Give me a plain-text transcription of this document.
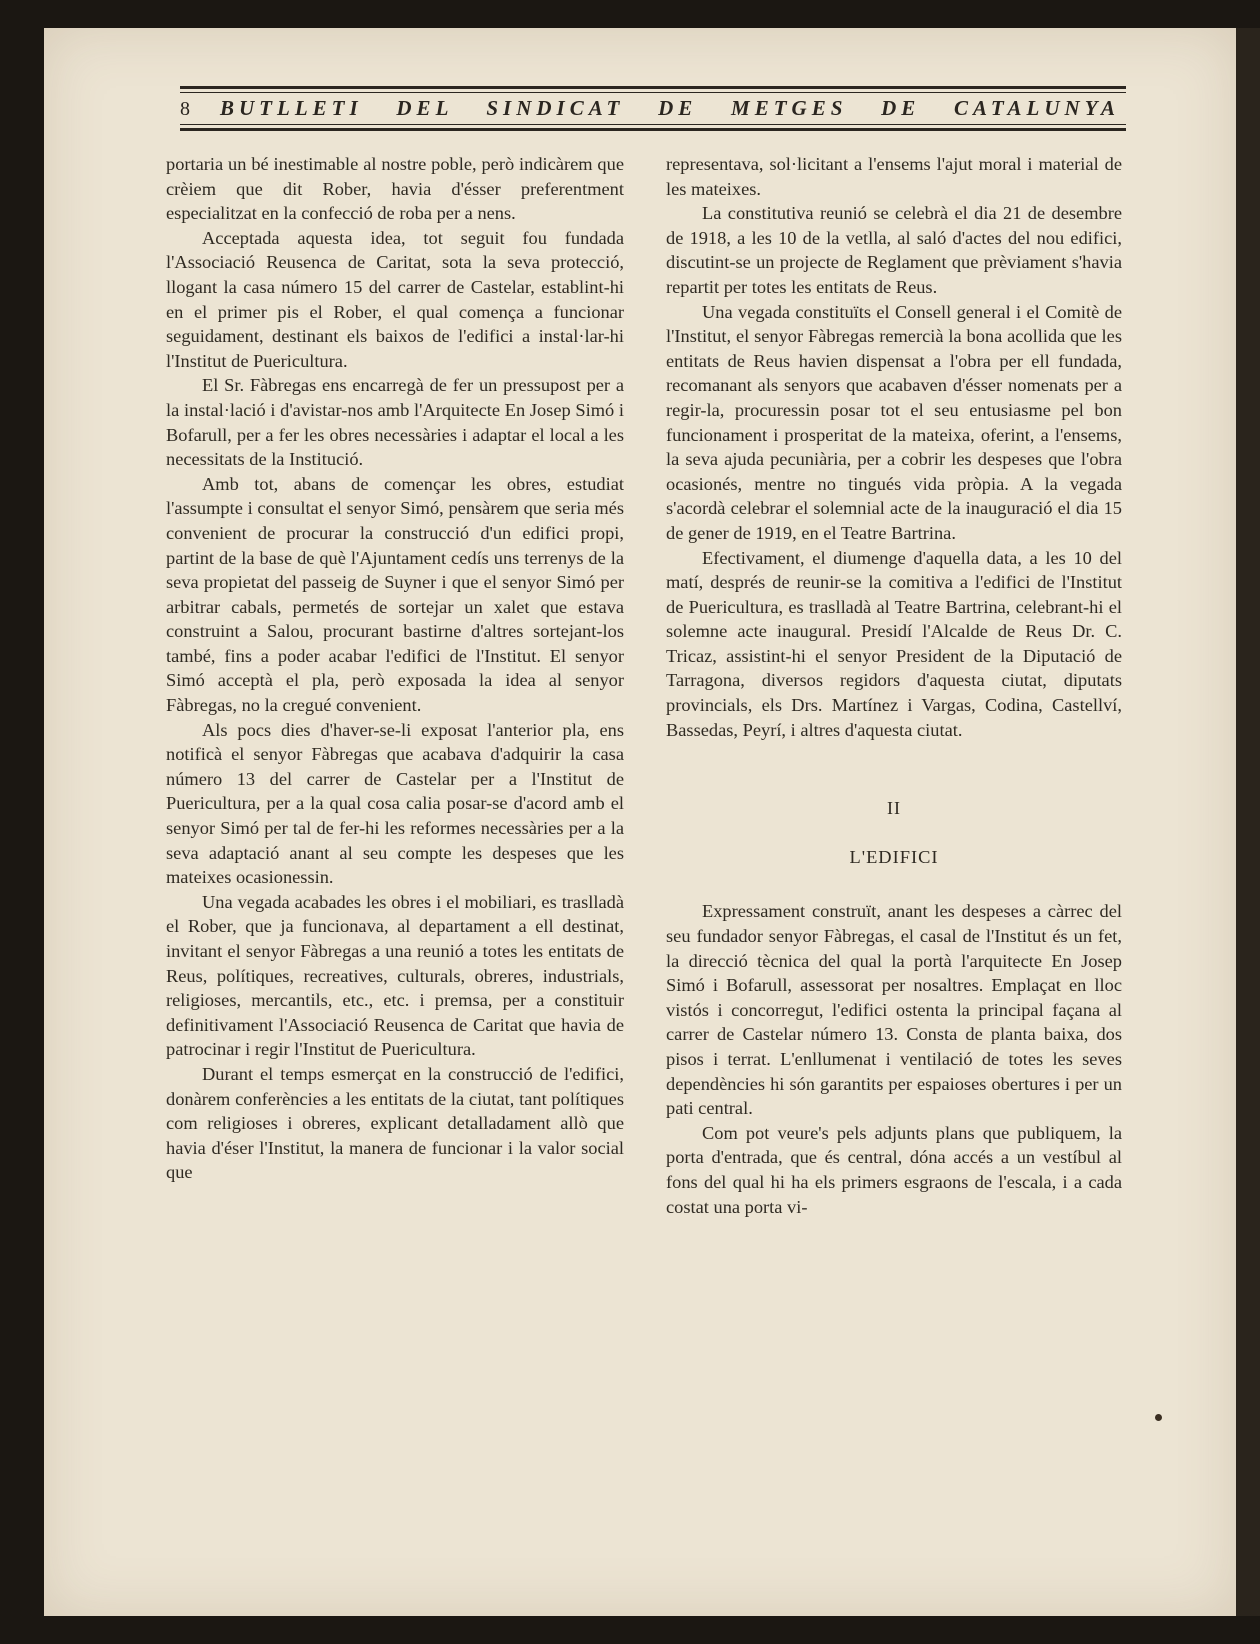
8	BUTLLETI DEL SINDICAT DE METGES DE CATALUNYA

portaria un bé inestimable al nostre poble, però indicàrem que crèiem que dit Rober, havia d'ésser preferentment especialitzat en la confecció de roba per a nens.

Acceptada aquesta idea, tot seguit fou fundada l'Associació Reusenca de Caritat, sota la seva protecció, llogant la casa número 15 del carrer de Castelar, establint-hi en el primer pis el Rober, el qual comença a funcionar seguidament, destinant els baixos de l'edifici a instal·lar-hi l'Institut de Puericultura.

El Sr. Fàbregas ens encarregà de fer un pressupost per a la instal·lació i d'avistar-nos amb l'Arquitecte En Josep Simó i Bofarull, per a fer les obres necessàries i adaptar el local a les necessitats de la Institució.

Amb tot, abans de començar les obres, estudiat l'assumpte i consultat el senyor Simó, pensàrem que seria més convenient de procurar la construcció d'un edifici propi, partint de la base de què l'Ajuntament cedís uns terrenys de la seva propietat del passeig de Suyner i que el senyor Simó per arbitrar cabals, permetés de sortejar un xalet que estava construint a Salou, procurant bastirne d'altres sortejant-los també, fins a poder acabar l'edifici de l'Institut. El senyor Simó acceptà el pla, però exposada la idea al senyor Fàbregas, no la cregué convenient.

Als pocs dies d'haver-se-li exposat l'anterior pla, ens notificà el senyor Fàbregas que acabava d'adquirir la casa número 13 del carrer de Castelar per a l'Institut de Puericultura, per a la qual cosa calia posar-se d'acord amb el senyor Simó per tal de fer-hi les reformes necessàries per a la seva adaptació anant al seu compte les despeses que les mateixes ocasionessin.

Una vegada acabades les obres i el mobiliari, es traslladà el Rober, que ja funcionava, al departament a ell destinat, invitant el senyor Fàbregas a una reunió a totes les entitats de Reus, polítiques, recreatives, culturals, obreres, industrials, religioses, mercantils, etc., etc. i premsa, per a constituir definitivament l'Associació Reusenca de Caritat que havia de patrocinar i regir l'Institut de Puericultura.

Durant el temps esmerçat en la construcció de l'edifici, donàrem conferències a les entitats de la ciutat, tant polítiques com religioses i obreres, explicant detalladament allò que havia d'éser l'Institut, la manera de funcionar i la valor social que

representava, sol·licitant a l'ensems l'ajut moral i material de les mateixes.

La constitutiva reunió se celebrà el dia 21 de desembre de 1918, a les 10 de la vetlla, al saló d'actes del nou edifici, discutint-se un projecte de Reglament que prèviament s'havia repartit per totes les entitats de Reus.

Una vegada constituïts el Consell general i el Comitè de l'Institut, el senyor Fàbregas remercià la bona acollida que les entitats de Reus havien dispensat a l'obra per ell fundada, recomanant als senyors que acabaven d'ésser nomenats per a regir-la, procuressin posar tot el seu entusiasme pel bon funcionament i prosperitat de la mateixa, oferint, a l'ensems, la seva ajuda pecuniària, per a cobrir les despeses que l'obra ocasionés, mentre no tingués vida pròpia. A la vegada s'acordà celebrar el solemnial acte de la inauguració el dia 15 de gener de 1919, en el Teatre Bartrina.

Efectivament, el diumenge d'aquella data, a les 10 del matí, després de reunir-se la comitiva a l'edifici de l'Institut de Puericultura, es traslladà al Teatre Bartrina, celebrant-hi el solemne acte inaugural. Presidí l'Alcalde de Reus Dr. C. Tricaz, assistint-hi el senyor President de la Diputació de Tarragona, diversos regidors d'aquesta ciutat, diputats provincials, els Drs. Martínez i Vargas, Codina, Castellví, Bassedas, Peyrí, i altres d'aquesta ciutat.

II
L'EDIFICI

Expressament construït, anant les despeses a càrrec del seu fundador senyor Fàbregas, el casal de l'Institut és un fet, la direcció tècnica del qual la portà l'arquitecte En Josep Simó i Bofarull, assessorat per nosaltres. Emplaçat en lloc vistós i concorregut, l'edifici ostenta la principal façana al carrer de Castelar número 13. Consta de planta baixa, dos pisos i terrat. L'enllumenat i ventilació de totes les seves dependències hi són garantits per espaioses obertures i per un pati central.

Com pot veure's pels adjunts plans que publiquem, la porta d'entrada, que és central, dóna accés a un vestíbul al fons del qual hi ha els primers esgraons de l'escala, i a cada costat una porta vi-
